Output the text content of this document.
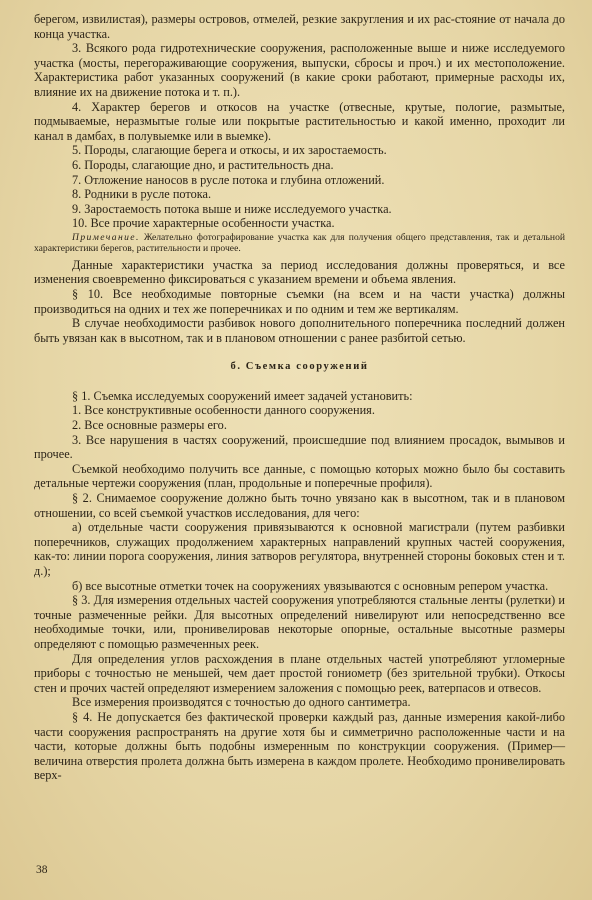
берегом, извилистая), размеры островов, отмелей, резкие закругления и их рас-стояние от начала до конца участка.

3. Всякого рода гидротехнические сооружения, расположенные выше и ниже исследуемого участка (мосты, перегораживающие сооружения, выпуски, сбросы и проч.) и их местоположение. Характеристика работ указанных сооружений (в какие сроки работают, примерные расходы их, влияние их на движение потока и т. п.).

4. Характер берегов и откосов на участке (отвесные, крутые, пологие, размытые, подмываемые, неразмытые голые или покрытые растительностью и какой именно, проходит ли канал в дамбах, в полувыемке или в выемке).

5. Породы, слагающие берега и откосы, и их заростаемость.

6. Породы, слагающие дно, и растительность дна.

7. Отложение наносов в русле потока и глубина отложений.

8. Родники в русле потока.

9. Заростаемость потока выше и ниже исследуемого участка.

10. Все прочие характерные особенности участка.

Примечание. Желательно фотографирование участка как для получения общего представления, так и детальной характеристики берегов, растительности и прочее.

Данные характеристики участка за период исследования должны проверяться, и все изменения своевременно фиксироваться с указанием времени и объема явления.

§ 10. Все необходимые повторные съемки (на всем и на части участка) должны производиться на одних и тех же поперечниках и по одним и тем же вертикалям.

В случае необходимости разбивок нового дополнительного поперечника последний должен быть увязан как в высотном, так и в плановом отношении с ранее разбитой сетью.

б. Съемка сооружений

§ 1. Съемка исследуемых сооружений имеет задачей установить:

1. Все конструктивные особенности данного сооружения.

2. Все основные размеры его.

3. Все нарушения в частях сооружений, происшедшие под влиянием просадок, вымывов и прочее.

Съемкой необходимо получить все данные, с помощью которых можно было бы составить детальные чертежи сооружения (план, продольные и поперечные профиля).

§ 2. Снимаемое сооружение должно быть точно увязано как в высотном, так и в плановом отношении, со всей съемкой участков исследования, для чего:

а) отдельные части сооружения привязываются к основной магистрали (путем разбивки поперечников, служащих продолжением характерных направлений крупных частей сооружения, как-то: линии порога сооружения, линия затворов регулятора, внутренней стороны боковых стен и т. д.);

б) все высотные отметки точек на сооружениях увязываются с основным репером участка.

§ 3. Для измерения отдельных частей сооружения употребляются стальные ленты (рулетки) и точные размеченные рейки. Для высотных определений нивелируют или непосредственно все необходимые точки, или, пронивелировав некоторые опорные, остальные высотные размеры определяют с помощью размеченных реек.

Для определения углов расхождения в плане отдельных частей употребляют угломерные приборы с точностью не меньшей, чем дает простой гониометр (без зрительной трубки). Откосы стен и прочих частей определяют измерением заложения с помощью реек, ватерпасов и отвесов.

Все измерения производятся с точностью до одного сантиметра.

§ 4. Не допускается без фактической проверки каждый раз, данные измерения какой-либо части сооружения распространять на другие хотя бы и симметрично расположенные части и на части, которые должны быть подобны измеренным по конструкции сооружения. (Пример—величина отверстия пролета должна быть измерена в каждом пролете. Необходимо пронивелировать верх-

38
